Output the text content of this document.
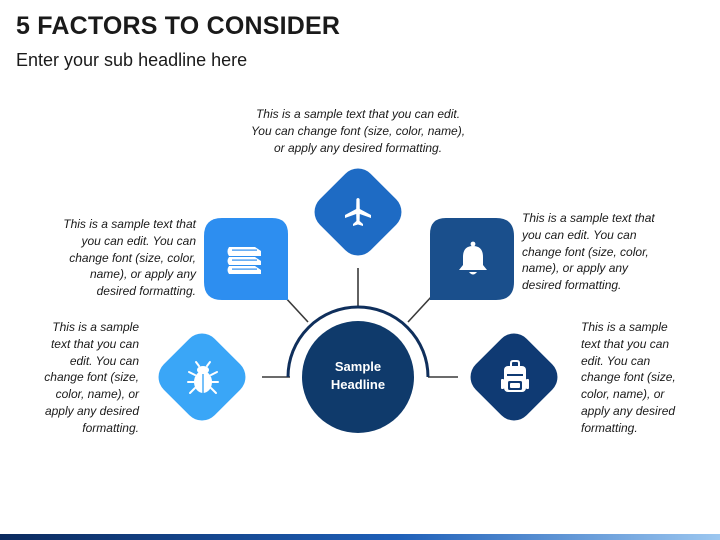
5 FACTORS TO CONSIDER
Enter your sub headline here
Sample
Headline

This is a sample text that you can edit.
You can change font (size, color, name),
or apply any desired formatting.

This is a sample text that
you can edit. You can
change font (size, color,
name), or apply any
desired formatting.

This is a sample text that
you can edit. You can
change font (size, color,
name), or apply any
desired formatting.

This is a sample
text that you can
edit. You can
change font (size,
color, name), or
apply any desired
formatting.

This is a sample
text that you can
edit. You can
change font (size,
color, name), or
apply any desired
formatting.
